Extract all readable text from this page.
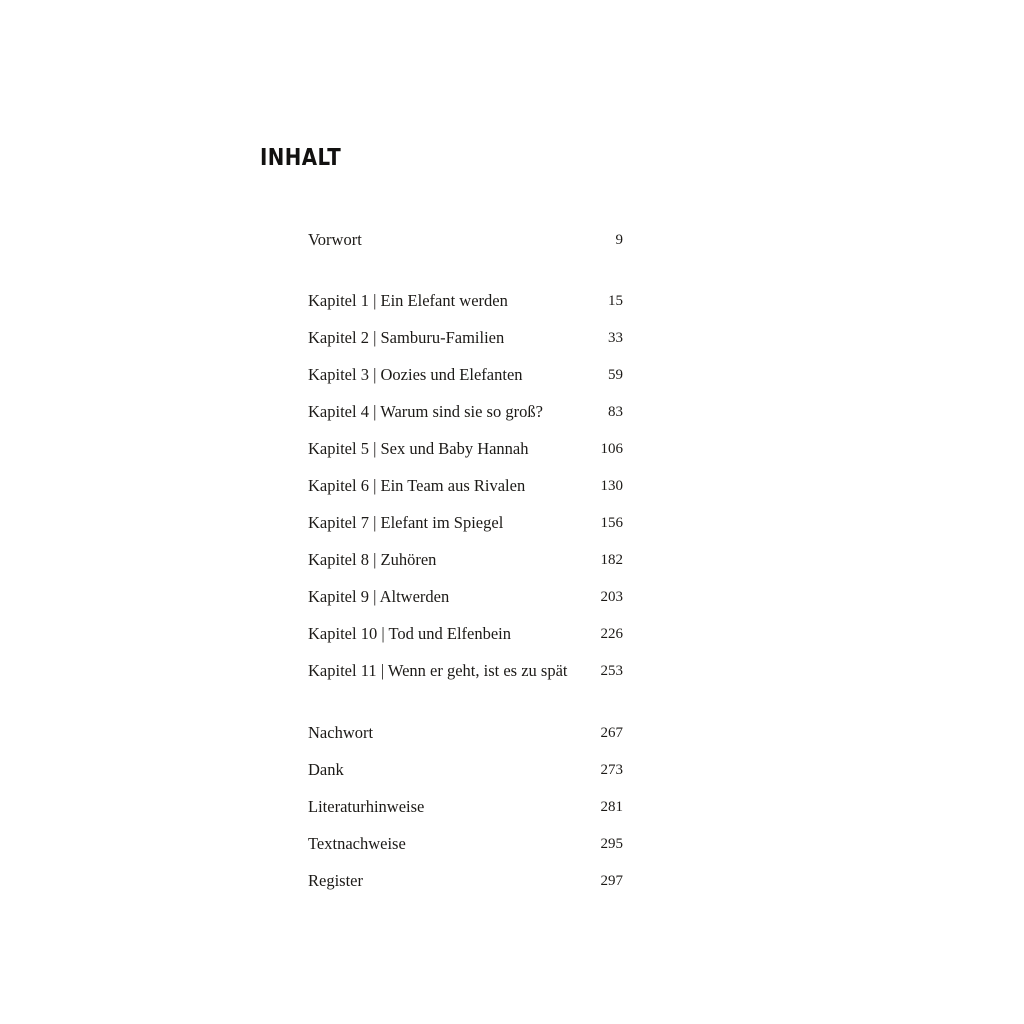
INHALT
Vorwort	9
Kapitel 1 | Ein Elefant werden	15
Kapitel 2 | Samburu-Familien	33
Kapitel 3 | Oozies und Elefanten	59
Kapitel 4 | Warum sind sie so groß?	83
Kapitel 5 | Sex und Baby Hannah	106
Kapitel 6 | Ein Team aus Rivalen	130
Kapitel 7 | Elefant im Spiegel	156
Kapitel 8 | Zuhören	182
Kapitel 9 | Altwerden	203
Kapitel 10 | Tod und Elfenbein	226
Kapitel 11 | Wenn er geht, ist es zu spät 253
Nachwort	267
Dank	273
Literaturhinweise	281
Textnachweise	295
Register	297
